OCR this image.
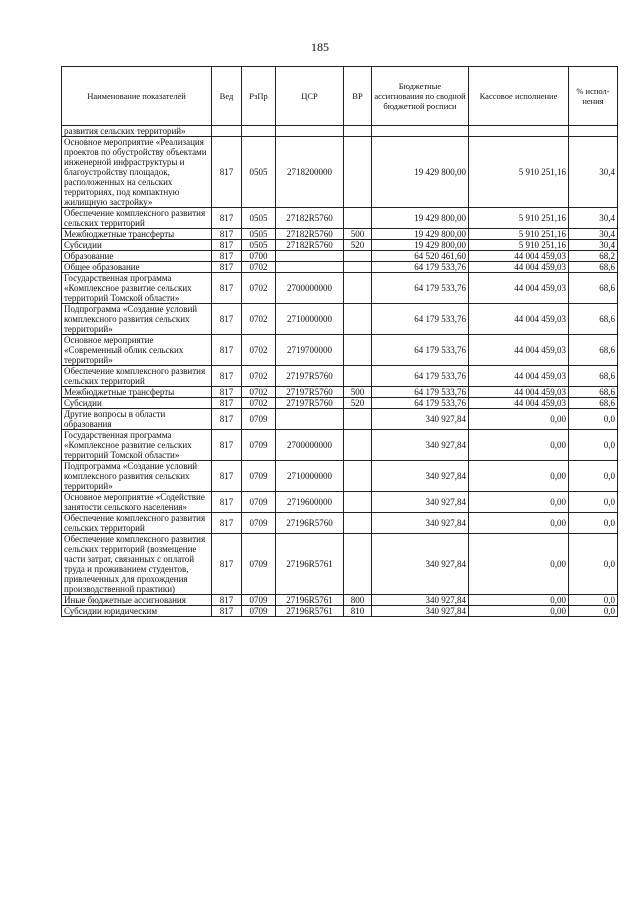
185
Наименование показателей	Вед	РзПр	ЦСР	ВР	Бюджетные ассигнования по сводной бюджетной росписи	Кассовое исполнение	% испол-нения
развития сельских территорий»							
Основное мероприятие «Реализация проектов по обустройству объектами инженерной инфраструктуры и благоустройству площадок, расположенных на сельских территориях, под компактную жилищную застройку»	817	0505	2718200000		19 429 800,00	5 910 251,16	30,4
Обеспечение комплексного развития сельских территорий	817	0505	27182R5760		19 429 800,00	5 910 251,16	30,4
Межбюджетные трансферты	817	0505	27182R5760	500	19 429 800,00	5 910 251,16	30,4
Субсидии	817	0505	27182R5760	520	19 429 800,00	5 910 251,16	30,4
Образование	817	0700			64 520 461,60	44 004 459,03	68,2
Общее образование	817	0702			64 179 533,76	44 004 459,03	68,6
Государственная программа «Комплексное развитие сельских территорий Томской области»	817	0702	2700000000		64 179 533,76	44 004 459,03	68,6
Подпрограмма «Создание условий комплексного развития сельских территорий»	817	0702	2710000000		64 179 533,76	44 004 459,03	68,6
Основное мероприятие «Современный облик сельских территорий»	817	0702	2719700000		64 179 533,76	44 004 459,03	68,6
Обеспечение комплексного развития сельских территорий	817	0702	27197R5760		64 179 533,76	44 004 459,03	68,6
Межбюджетные трансферты	817	0702	27197R5760	500	64 179 533,76	44 004 459,03	68,6
Субсидии	817	0702	27197R5760	520	64 179 533,76	44 004 459,03	68,6
Другие вопросы в области образования	817	0709			340 927,84	0,00	0,0
Государственная программа «Комплексное развитие сельских территорий Томской области»	817	0709	2700000000		340 927,84	0,00	0,0
Подпрограмма «Создание условий комплексного развития сельских территорий»	817	0709	2710000000		340 927,84	0,00	0,0
Основное мероприятие «Содействие занятости сельского населения»	817	0709	2719600000		340 927,84	0,00	0,0
Обеспечение комплексного развития сельских территорий	817	0709	27196R5760		340 927,84	0,00	0,0
Обеспечение комплексного развития сельских территорий (возмещение части затрат, связанных с оплатой труда и проживанием студентов, привлеченных для прохождения производственной практики)	817	0709	27196R5761		340 927,84	0,00	0,0
Иные бюджетные ассигнования	817	0709	27196R5761	800	340 927,84	0,00	0,0
Субсидии юридическим	817	0709	27196R5761	810	340 927,84	0,00	0,0
